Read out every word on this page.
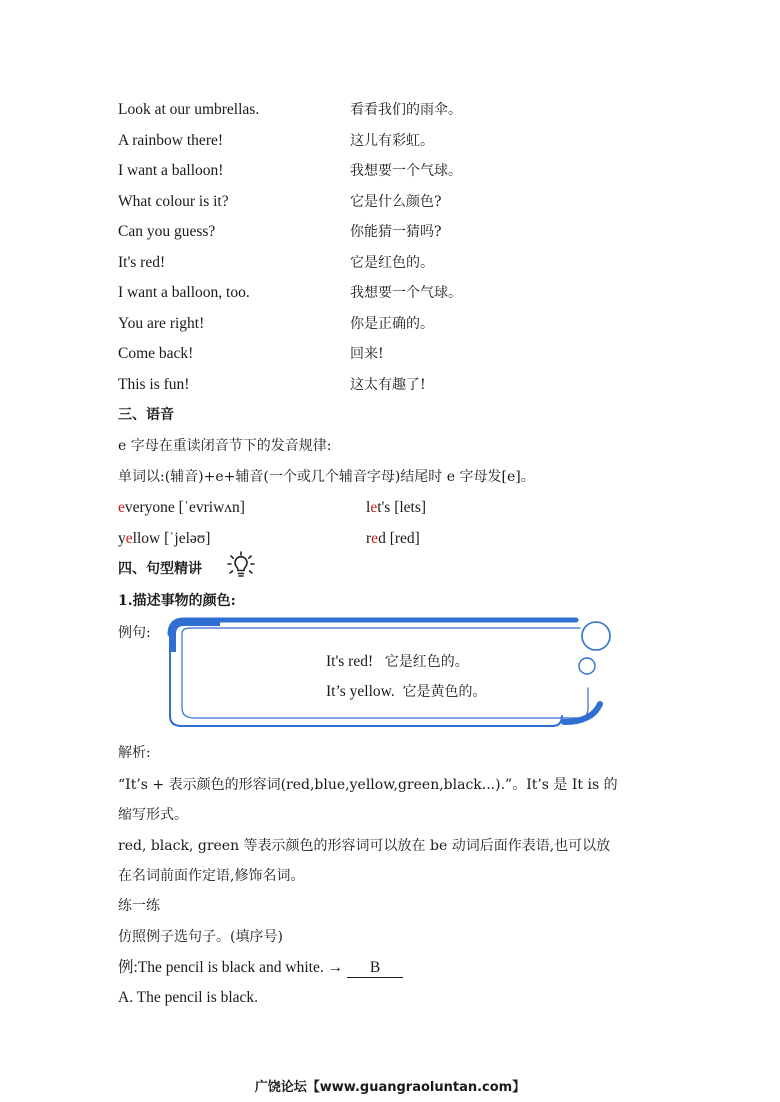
Look at our umbrellas.	看看我们的雨伞。
A rainbow there!	这儿有彩虹。
I want a balloon!	我想要一个气球。
What colour is it?	它是什么颜色?
Can you guess?	你能猜一猜吗?
It's red!	它是红色的。
I want a balloon, too.	我想要一个气球。
You are right!	你是正确的。
Come back!	回来!
This is fun!	这太有趣了!
三、语音
e 字母在重读闭音节下的发音规律:
单词以:(辅音)+e+辅音(一个或几个辅音字母)结尾时 e 字母发[e]。
everyone [ˈevriwʌn]	let's [lets]
yellow [ˈjeləʊ]	red [red]
四、句型精讲
1.描述事物的颜色:
例句:
It's red! 它是红色的。
It’s yellow. 它是黄色的。
解析:
“It’s + 表示颜色的形容词(red,blue,yellow,green,black...).”。It’s 是 It is 的
缩写形式。
red, black, green 等表示颜色的形容词可以放在 be 动词后面作表语,也可以放
在名词前面作定语,修饰名词。
练一练
仿照例子选句子。(填序号)
例:The pencil is black and white. → B
A. The pencil is black.
广饶论坛【www.guangraoluntan.com】
